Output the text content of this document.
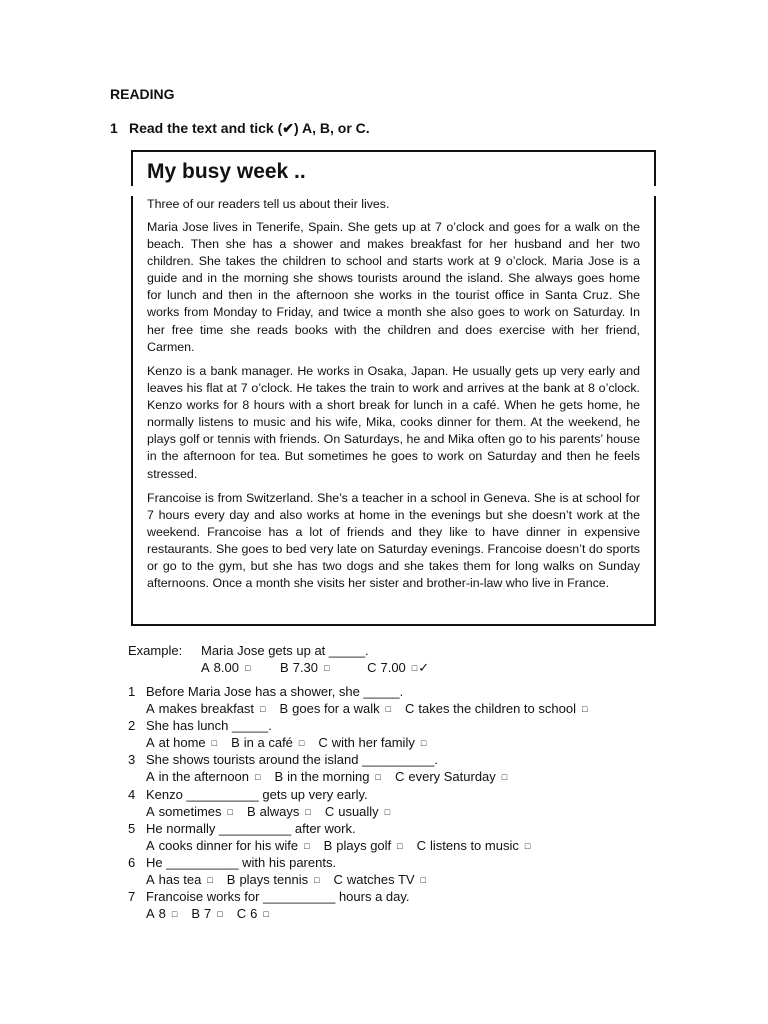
READING
1 Read the text and tick (✔) A, B, or C.
My busy week ..
Three of our readers tell us about their lives.

Maria Jose lives in Tenerife, Spain. She gets up at 7 o’clock and goes for a walk on the beach. Then she has a shower and makes breakfast for her husband and her two children. She takes the children to school and starts work at 9 o’clock. Maria Jose is a guide and in the morning she shows tourists around the island. She always goes home for lunch and then in the afternoon she works in the tourist office in Santa Cruz. She works from Monday to Friday, and twice a month she also goes to work on Saturday. In her free time she reads books with the children and does exercise with her friend, Carmen.

Kenzo is a bank manager. He works in Osaka, Japan. He usually gets up very early and leaves his flat at 7 o’clock. He takes the train to work and arrives at the bank at 8 o’clock. Kenzo works for 8 hours with a short break for lunch in a café. When he gets home, he normally listens to music and his wife, Mika, cooks dinner for them. At the weekend, he plays golf or tennis with friends. On Saturdays, he and Mika often go to his parents’ house in the afternoon for tea. But sometimes he goes to work on Saturday and then he feels stressed.

Francoise is from Switzerland. She’s a teacher in a school in Geneva. She is at school for 7 hours every day and also works at home in the evenings but she doesn’t work at the weekend. Francoise has a lot of friends and they like to have dinner in expensive restaurants. She goes to bed very late on Saturday evenings. Francoise doesn’t do sports or go to the gym, but she has two dogs and she takes them for long walks on Sunday afternoons. Once a month she visits her sister and brother-in-law who live in France.

Example: Maria Jose gets up at _____.
A 8.00 □ B 7.30 □	C 7.00 □✓
1 Before Maria Jose has a shower, she _____.
A makes breakfast □ B goes for a walk □ C takes the children to school □
2 She has lunch _____.
A at home □ B in a café □ C with her family □
3 She shows tourists around the island __________.
A in the afternoon □ B in the morning □ C every Saturday □
4 Kenzo __________ gets up very early.
A sometimes □ B always □ C usually □
5 He normally __________ after work.
A cooks dinner for his wife □ B plays golf □ C listens to music □
6 He __________ with his parents.
A has tea □ B plays tennis □ C watches TV □
7 Francoise works for __________ hours a day.
A 8 □ B 7 □ C 6 □
